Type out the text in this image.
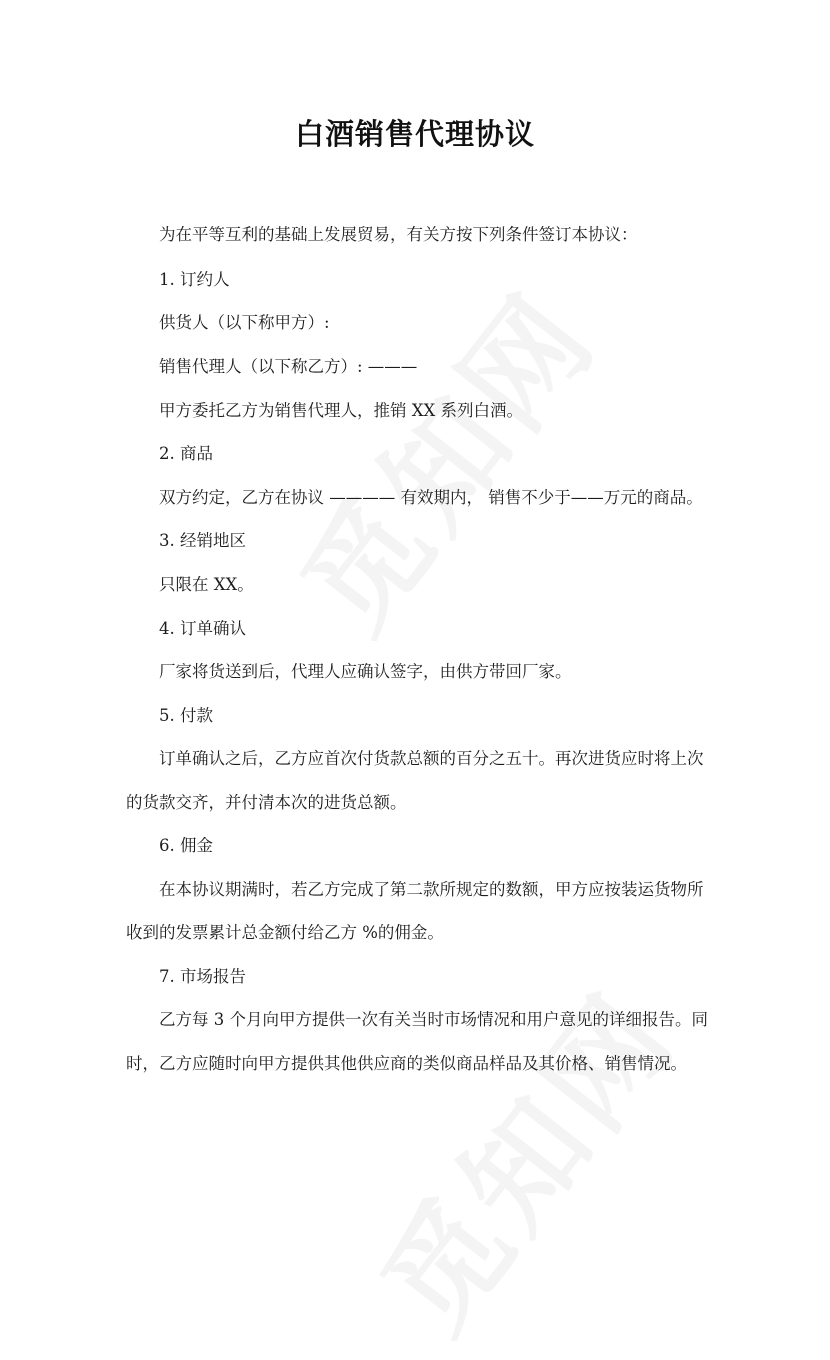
白酒销售代理协议
为在平等互利的基础上发展贸易，有关方按下列条件签订本协议：
1. 订约人
供货人（以下称甲方）:
销售代理人（以下称乙方）: ———
甲方委托乙方为销售代理人，推销 XX 系列白酒。
2. 商品
双方约定，乙方在协议 ———— 有效期内， 销售不少于——万元的商品。
3. 经销地区
只限在 XX。
4. 订单确认
厂家将货送到后，代理人应确认签字，由供方带回厂家。
5. 付款
订单确认之后，乙方应首次付货款总额的百分之五十。再次进货应时将上次
的货款交齐，并付清本次的进货总额。
6. 佣金
在本协议期满时，若乙方完成了第二款所规定的数额，甲方应按装运货物所
收到的发票累计总金额付给乙方 %的佣金。
7. 市场报告
乙方每 3 个月向甲方提供一次有关当时市场情况和用户意见的详细报告。同
时，乙方应随时向甲方提供其他供应商的类似商品样品及其价格、销售情况。
